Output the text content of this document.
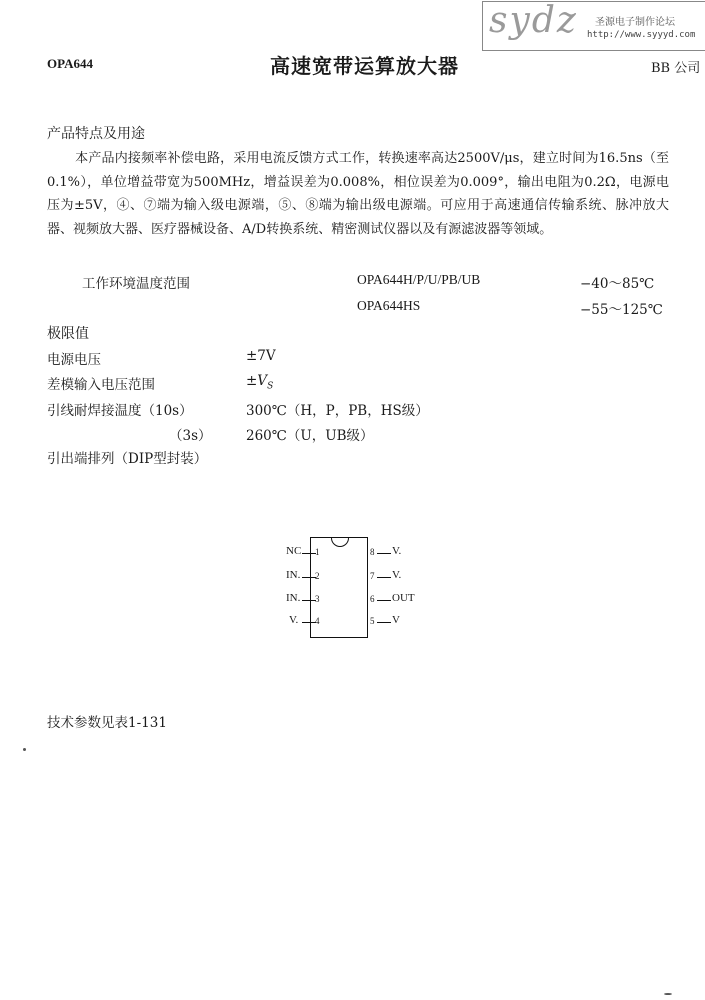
sydz 圣源电子制作论坛
http://www.syyyd.com
OPA644	高速宽带运算放大器	BB 公司
产品特点及用途
本产品内接频率补偿电路，采用电流反馈方式工作，转换速率高达2500V/μs，建立时间为16.5ns（至0.1%），单位增益带宽为500MHz，增益误差为0.008%，相位误差为0.009°，输出电阻为0.2Ω，电源电压为±5V，④、⑦端为输入级电源端，⑤、⑧端为输出级电源端。可应用于高速通信传输系统、脉冲放大器、视频放大器、医疗器械设备、A/D转换系统、精密测试仪器以及有源滤波器等领域。
工作环境温度范围	OPA644H/P/U/PB/UB	−40～85℃
OPA644HS	−55～125℃
极限值
电源电压	±7V
差模输入电压范围	$\pm V_S$
引线耐焊接温度（10s）	300℃（H，P，PB，HS级）
（3s）	260℃（U，UB级）
引出端排列（DIP型封装）
NC 1
IN. 2
IN. 3
V. 4
8 V.
7 V.
6 OUT
5 V
技术参数见表1-131
